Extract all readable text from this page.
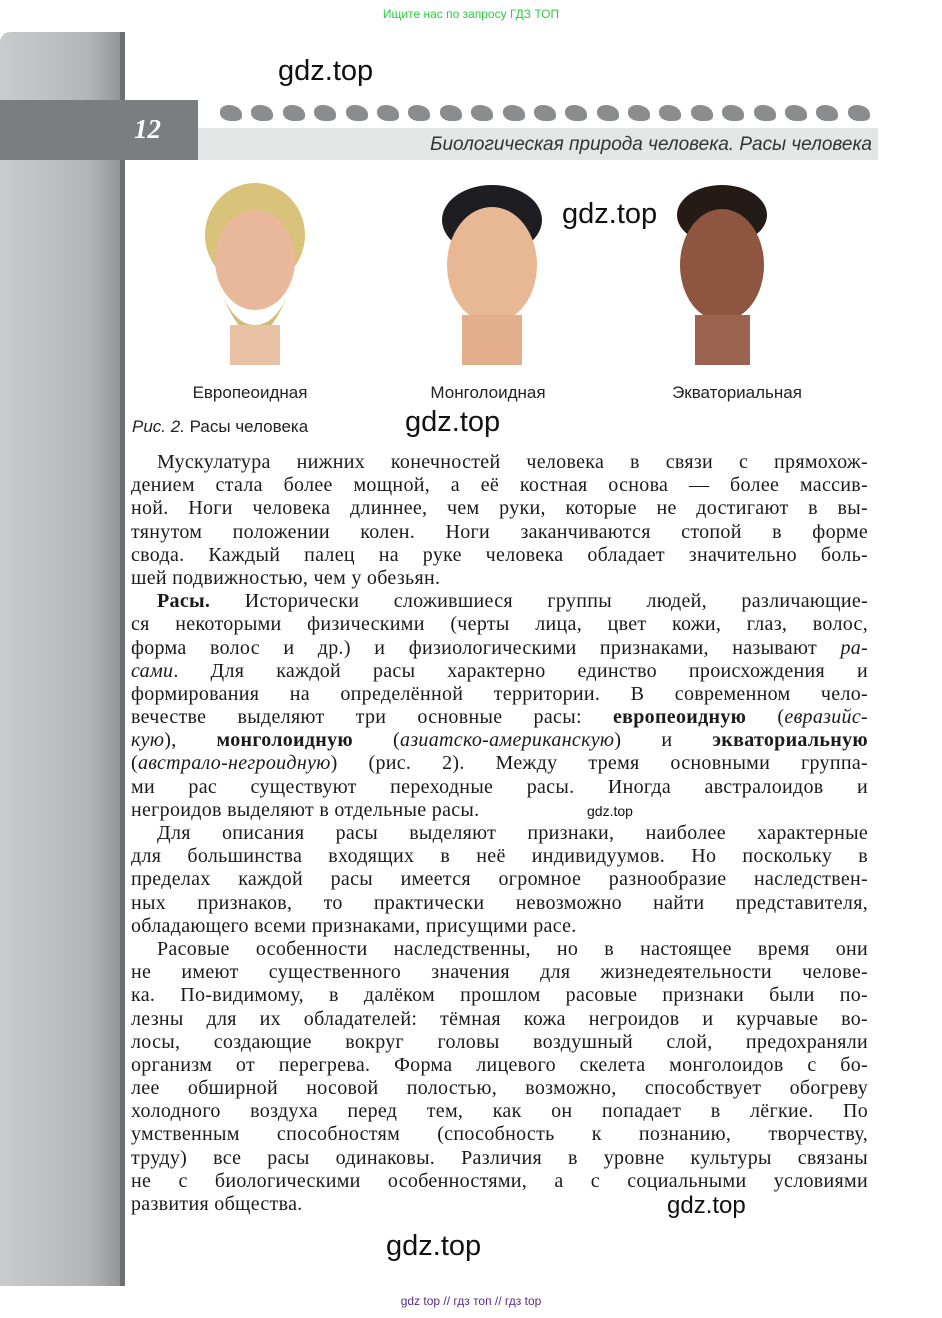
Ищите нас по запросу ГДЗ ТОП
12
Биологическая природа человека. Расы человека
gdz.top
Европеоидная	Монголоидная	Экваториальная
Рис. 2. Расы человека
gdz.top
gdz.top
Мускулатура нижних конечностей человека в связи с прямохож-
дением стала более мощной, а её костная основа — более массив-
ной. Ноги человека длиннее, чем руки, которые не достигают в вы-
тянутом положении колен. Ноги заканчиваются стопой в форме
свода. Каждый палец на руке человека обладает значительно боль-
шей подвижностью, чем у обезьян.
Расы. Исторически сложившиеся группы людей, различающие-
ся некоторыми физическими (черты лица, цвет кожи, глаз, волос,
форма волос и др.) и физиологическими признаками, называют ра-
сами. Для каждой расы характерно единство происхождения и
формирования на определённой территории. В современном чело-
вечестве выделяют три основные расы: европеоидную (евразийс-
кую), монголоидную (азиатско-американскую) и экваториальную
(австрало-негроидную) (рис. 2). Между тремя основными группа-
ми рас существуют переходные расы. Иногда австралоидов и
негроидов выделяют в отдельные расы.
Для описания расы выделяют признаки, наиболее характерные
для большинства входящих в неё индивидуумов. Но поскольку в
пределах каждой расы имеется огромное разнообразие наследствен-
ных признаков, то практически невозможно найти представителя,
обладающего всеми признаками, присущими расе.
Расовые особенности наследственны, но в настоящее время они
не имеют существенного значения для жизнедеятельности челове-
ка. По-видимому, в далёком прошлом расовые признаки были по-
лезны для их обладателей: тёмная кожа негроидов и курчавые во-
лосы, создающие вокруг головы воздушный слой, предохраняли
организм от перегрева. Форма лицевого скелета монголоидов с бо-
лее обширной носовой полостью, возможно, способствует обогреву
холодного воздуха перед тем, как он попадает в лёгкие. По
умственным способностям (способность к познанию, творчеству,
труду) все расы одинаковы. Различия в уровне культуры связаны
не с биологическими особенностями, а с социальными условиями
развития общества.
gdz.top
gdz.top
gdz.top
gdz top // гдз топ // гдз top
